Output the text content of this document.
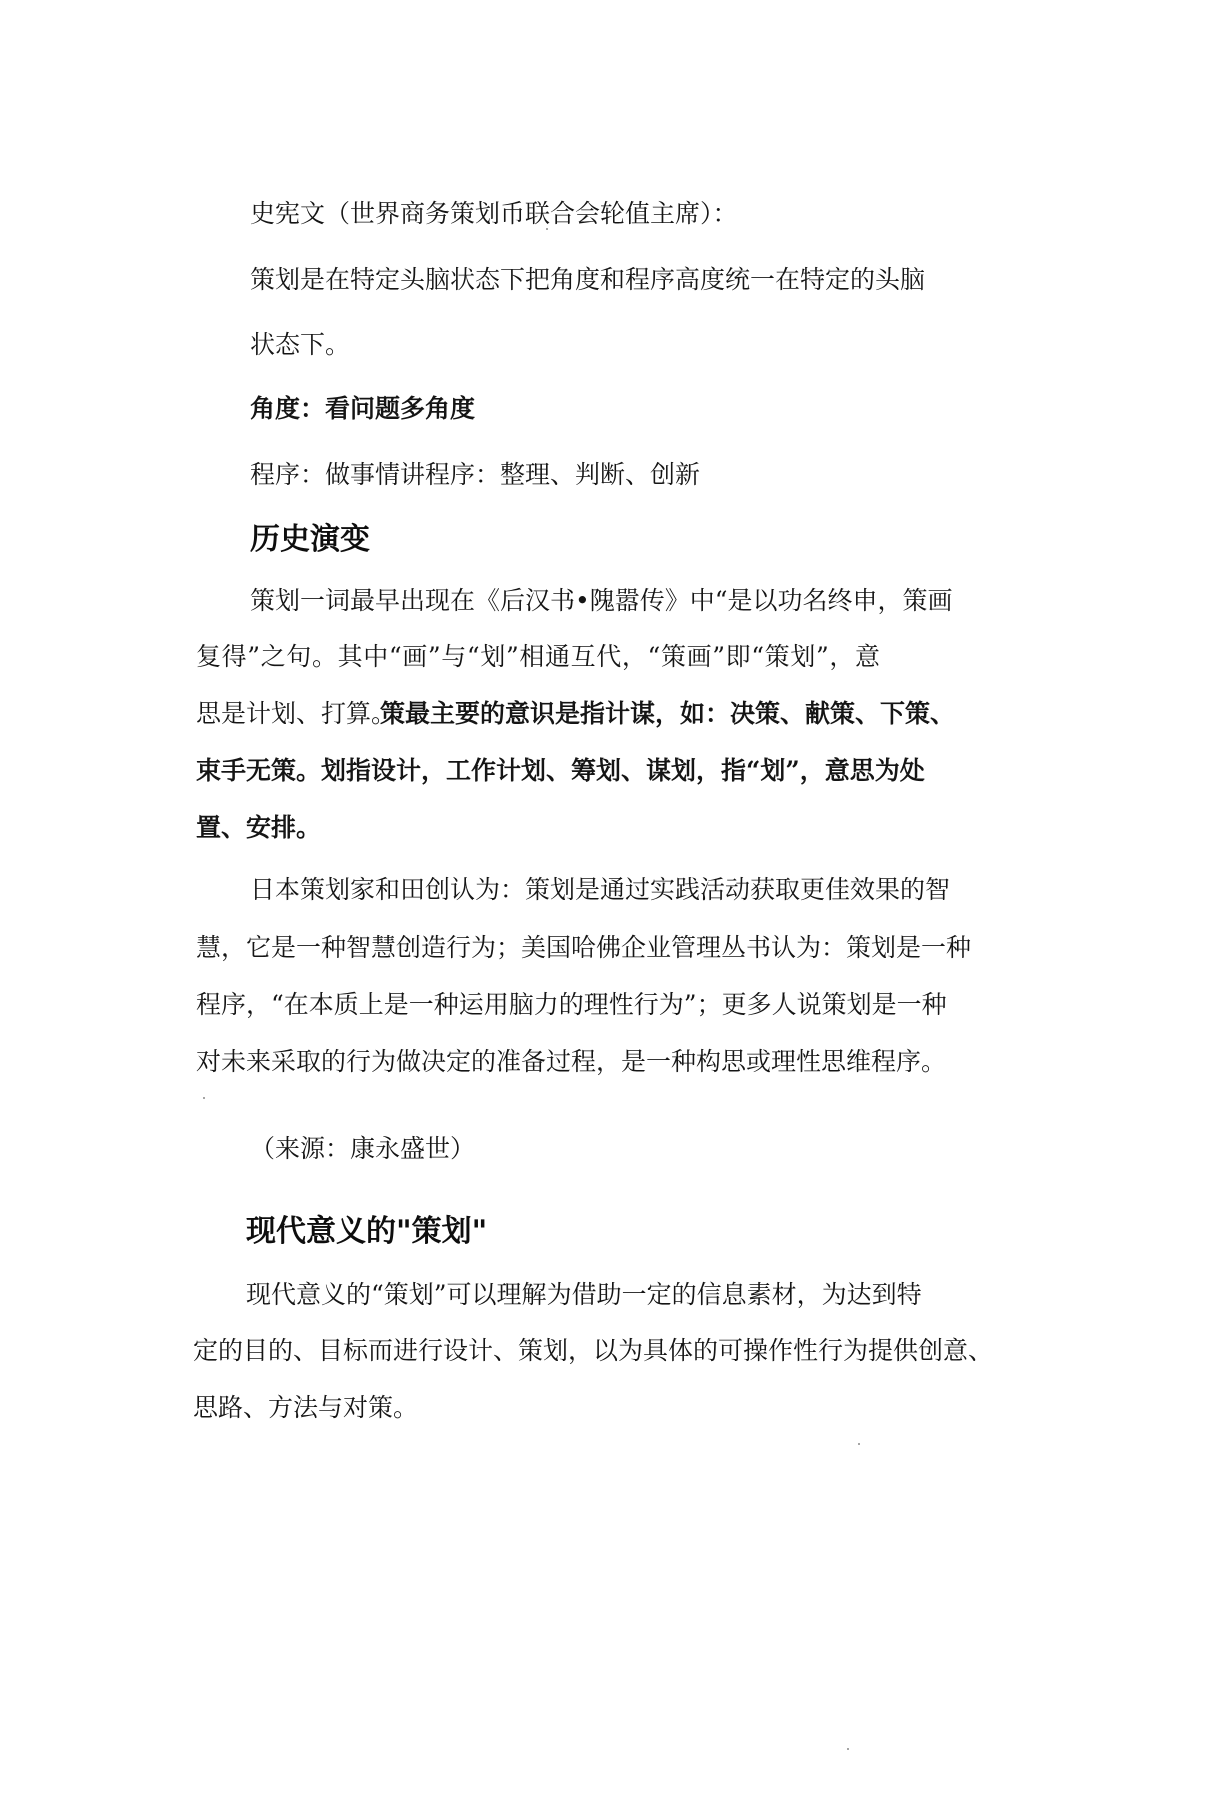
史宪文（世界商务策划币联合会轮值主席）：
策划是在特定头脑状态下把角度和程序高度统一在特定的头脑
状态下。
角度：看问题多角度
程序：做事情讲程序：整理、判断、创新
历史演变
策划一词最早出现在《后汉书•隗嚣传》中“是以功名终申，策画
复得”之句。其中“画”与“划”相通互代，“策画”即“策划”，意
思是计划、打算。
策最主要的意识是指计谋，如：决策、献策、下策、
束手无策。划指设计，工作计划、筹划、谋划，指“划”，意思为处
置、安排。
日本策划家和田创认为：策划是通过实践活动获取更佳效果的智
慧，它是一种智慧创造行为；美国哈佛企业管理丛书认为：策划是一种
程序，“在本质上是一种运用脑力的理性行为”；更多人说策划是一种
对未来采取的行为做决定的准备过程，是一种构思或理性思维程序。
（来源：康永盛世）
现代意义的"策划"
现代意义的“策划”可以理解为借助一定的信息素材，为达到特
定的目的、目标而进行设计、策划，以为具体的可操作性行为提供创意、
思路、方法与对策。
